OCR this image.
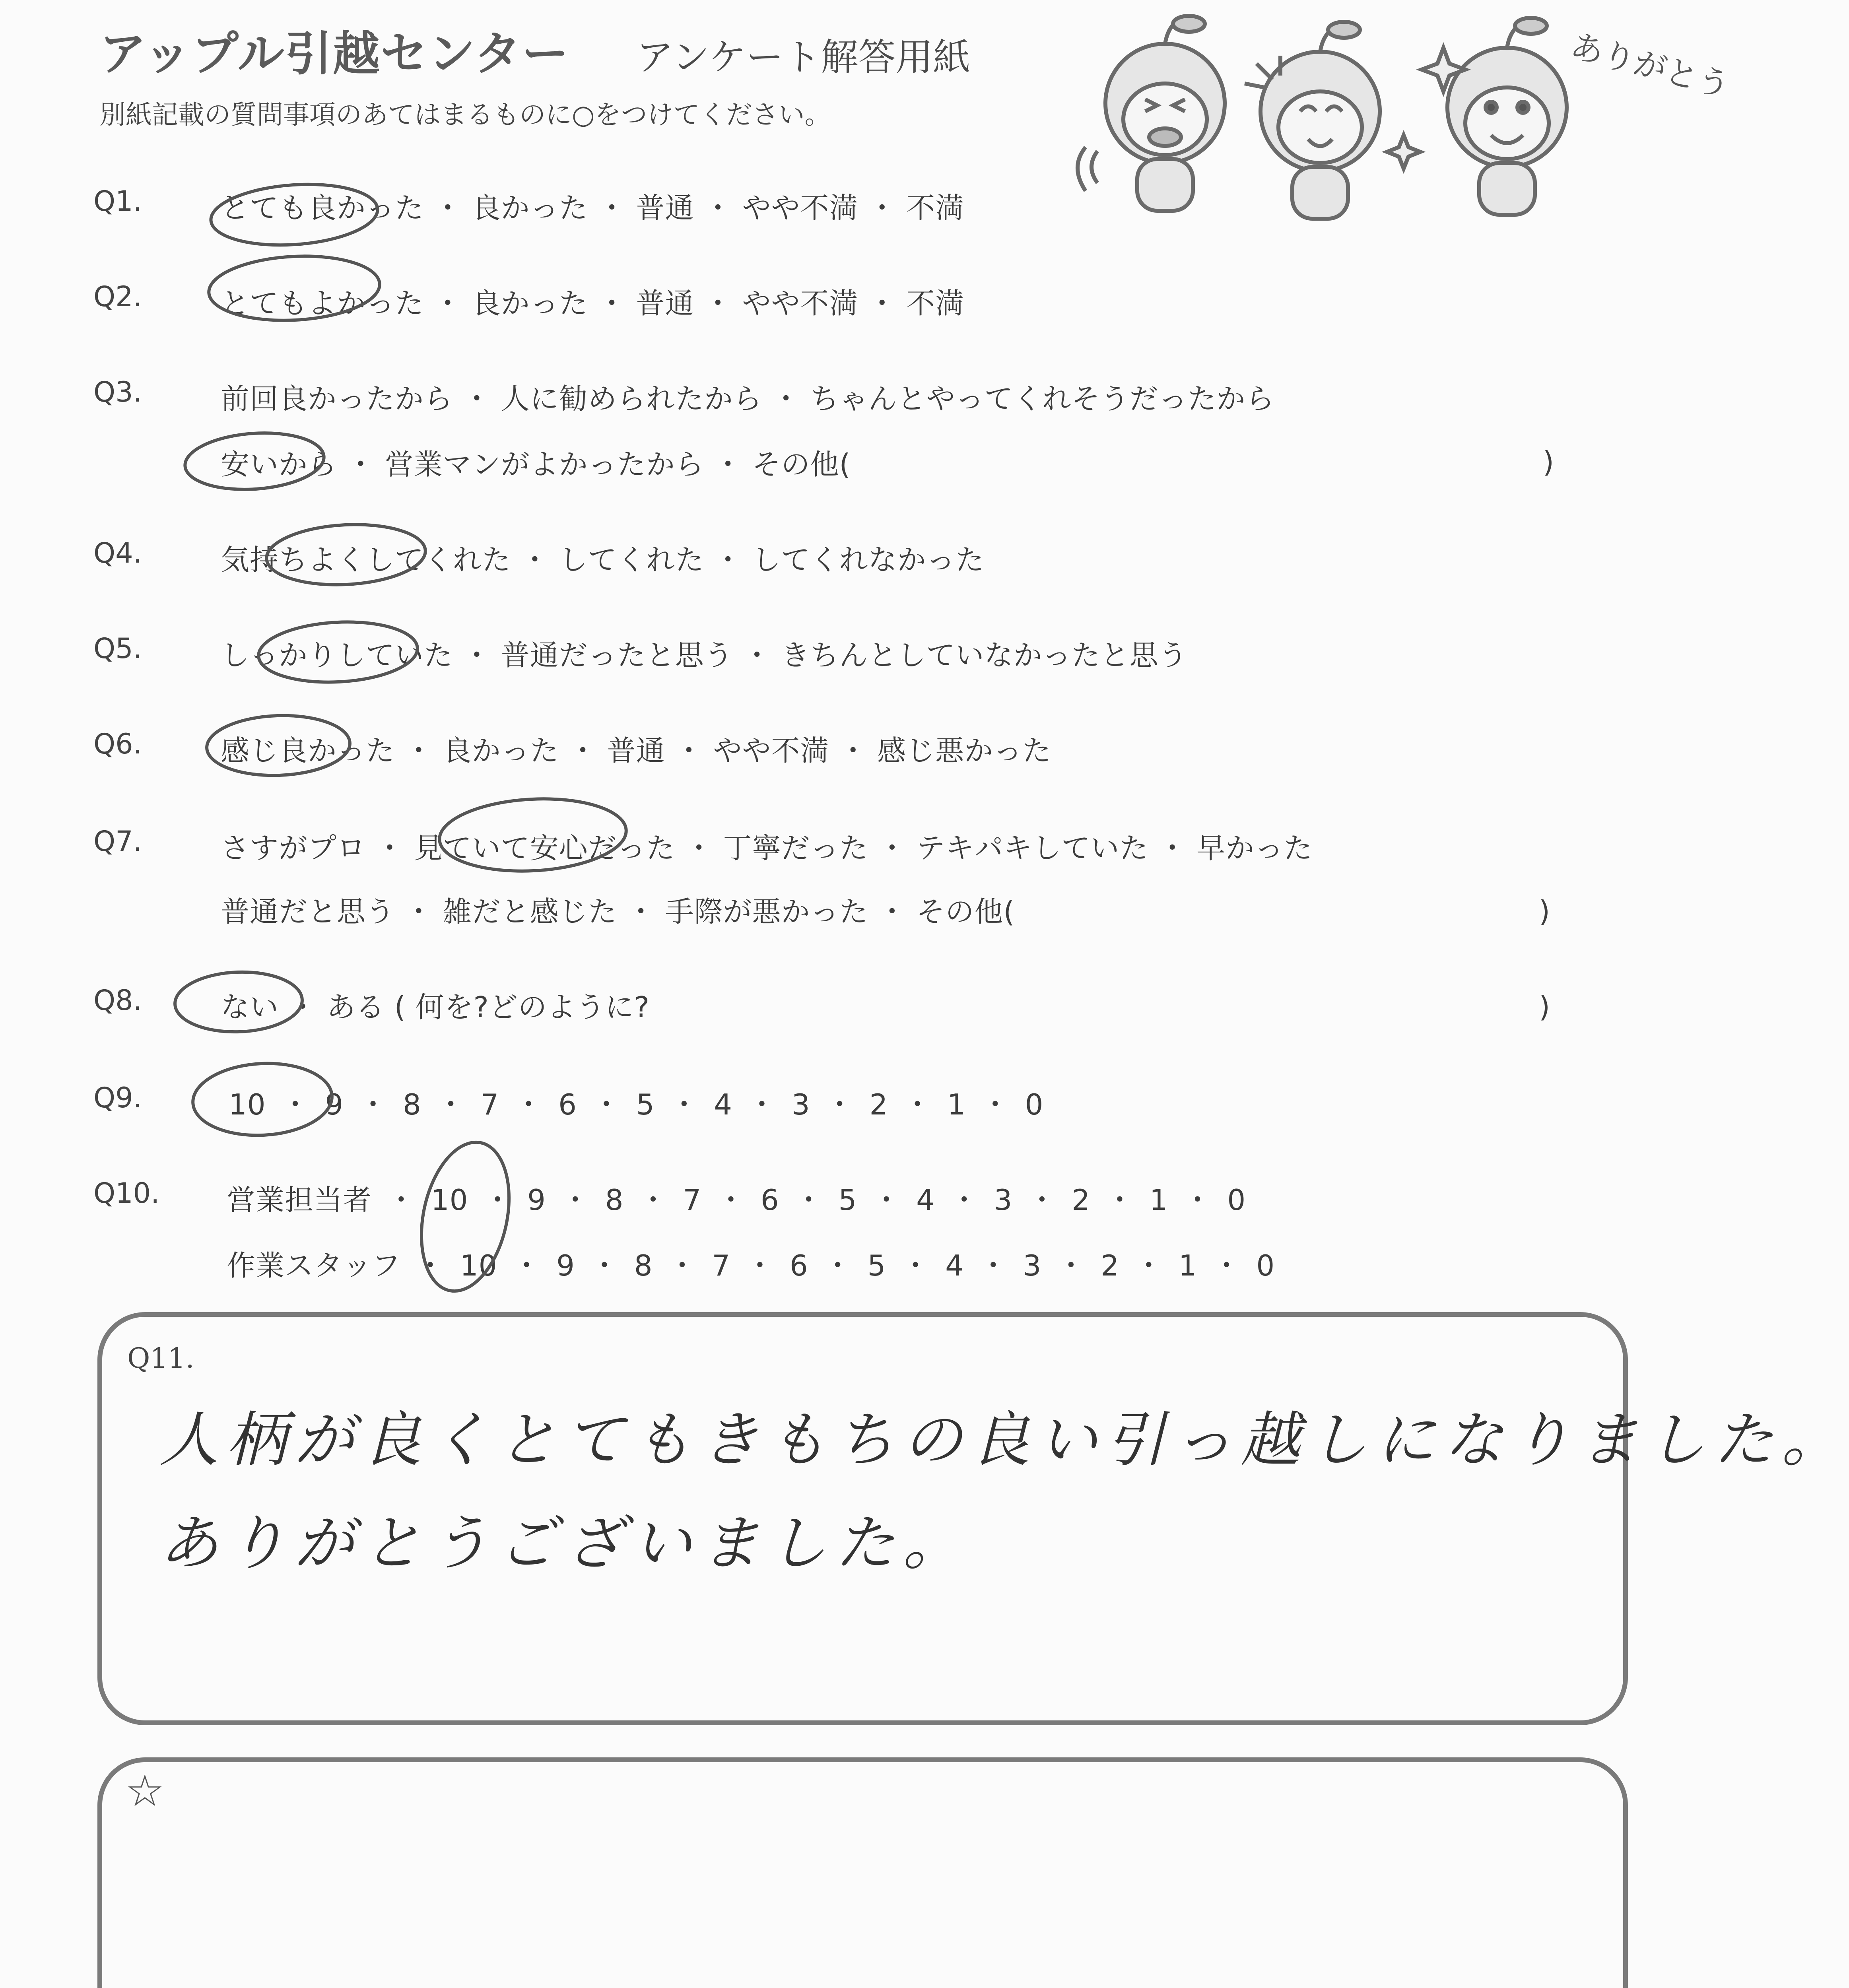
アップル引越センター アンケート解答用紙
別紙記載の質問事項のあてはまるものに○をつけてください。
ありがとう
Q1.	とても良かった ・ 良かった ・ 普通 ・ やや不満 ・ 不満
Q2.	とてもよかった ・ 良かった ・ 普通 ・ やや不満 ・ 不満
Q3.	前回良かったから ・ 人に勧められたから ・ ちゃんとやってくれそうだったから
安いから ・ 営業マンがよかったから ・ その他(	)
Q4.	気持ちよくしてくれた ・ してくれた ・ してくれなかった
Q5.	しっかりしていた ・ 普通だったと思う ・ きちんとしていなかったと思う
Q6.	感じ良かった ・ 良かった ・ 普通 ・ やや不満 ・ 感じ悪かった
Q7.	さすがプロ ・ 見ていて安心だった ・ 丁寧だった ・ テキパキしていた ・ 早かった
普通だと思う ・ 雑だと感じた ・ 手際が悪かった ・ その他(	)
Q8.	ない ・ ある ( 何を?どのように?	)
Q9.	10 ・ 9 ・ 8 ・ 7 ・ 6 ・ 5 ・ 4 ・ 3 ・ 2 ・ 1 ・ 0
Q10. 営業担当者 ・ 10 ・ 9 ・ 8 ・ 7 ・ 6 ・ 5 ・ 4 ・ 3 ・ 2 ・ 1 ・ 0
作業スタッフ ・ 10 ・ 9 ・ 8 ・ 7 ・ 6 ・ 5 ・ 4 ・ 3 ・ 2 ・ 1 ・ 0
Q11.
人柄が良くとてもきもちの良い引っ越しになりました。
ありがとうございました。
☆
